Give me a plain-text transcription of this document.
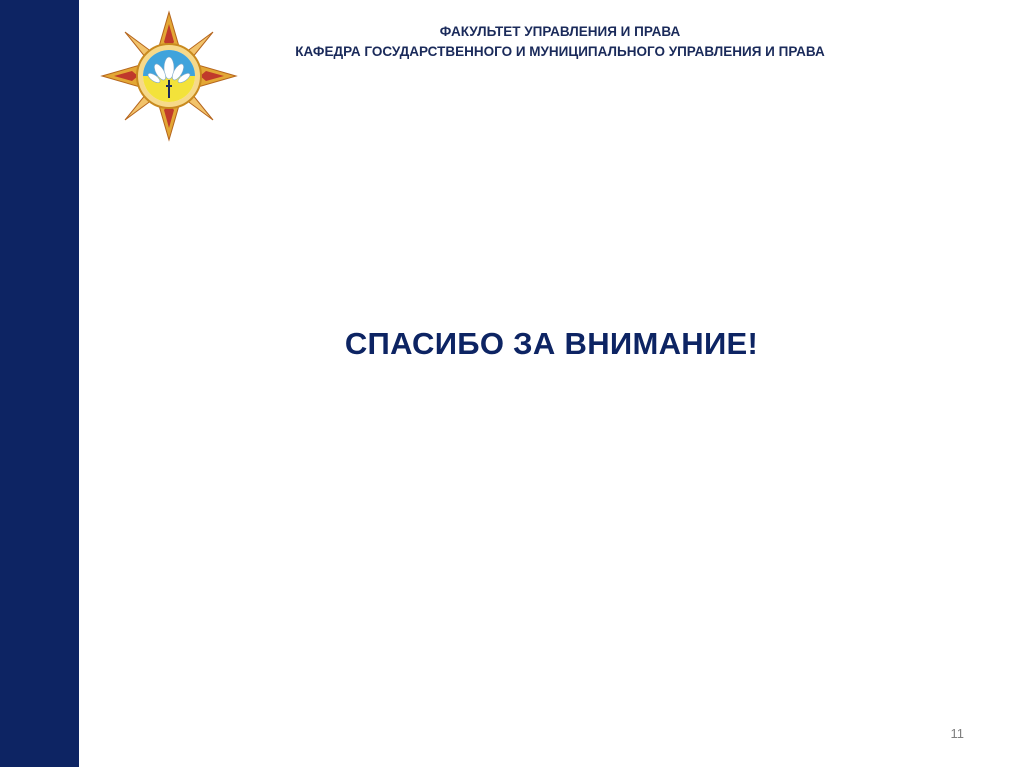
ФАКУЛЬТЕТ УПРАВЛЕНИЯ И ПРАВА
КАФЕДРА ГОСУДАРСТВЕННОГО И МУНИЦИПАЛЬНОГО УПРАВЛЕНИЯ И ПРАВА
СПАСИБО ЗА ВНИМАНИЕ!
11
